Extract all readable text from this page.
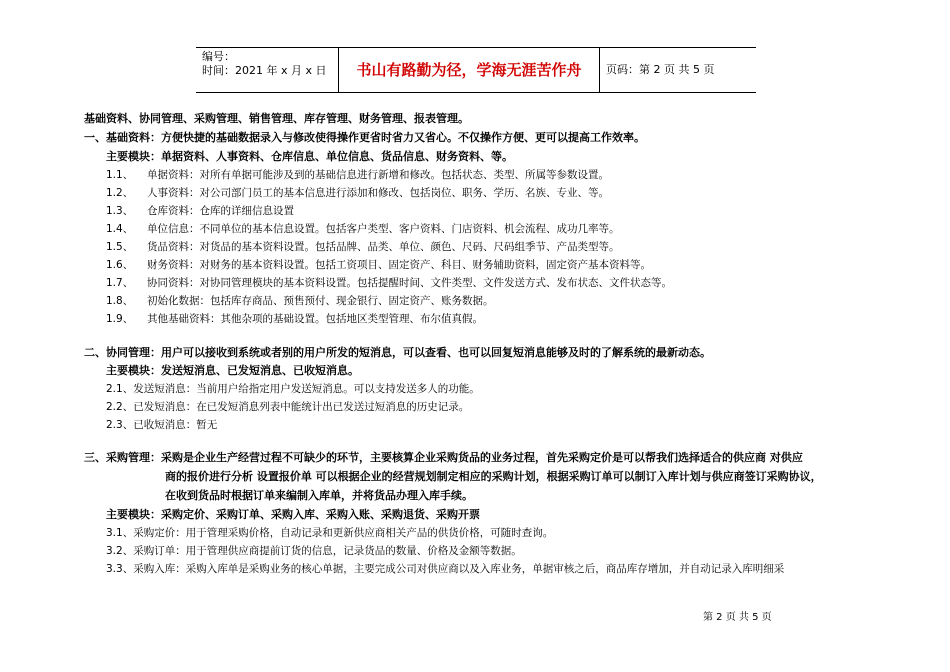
编号：
时间：2021 年 x 月 x 日	书山有路勤为径，学海无涯苦作舟	页码：第 2 页 共 5 页
基础资料、协同管理、采购管理、销售管理、库存管理、财务管理、报表管理。
一、基础资料：方便快捷的基础数据录入与修改使得操作更省时省力又省心。不仅操作方便、更可以提高工作效率。
主要模块：单据资料、人事资料、仓库信息、单位信息、货品信息、财务资料、等。
1.1、 单据资料：对所有单据可能涉及到的基础信息进行新增和修改。包括状态、类型、所属等参数设置。
1.2、 人事资料：对公司部门员工的基本信息进行添加和修改、包括岗位、职务、学历、名族、专业、等。
1.3、 仓库资料：仓库的详细信息设置
1.4、 单位信息：不同单位的基本信息设置。包括客户类型、客户资料、门店资料、机会流程、成功几率等。
1.5、 货品资料：对货品的基本资料设置。包括品牌、品类、单位、颜色、尺码、尺码组季节、产品类型等。
1.6、 财务资料：对财务的基本资料设置。包括工资项目、固定资产、科目、财务辅助资料，固定资产基本资料等。
1.7、 协同资料：对协同管理模块的基本资料设置。包括提醒时间、文件类型、文件发送方式、发布状态、文件状态等。
1.8、 初始化数据：包括库存商品、预售预付、现金银行、固定资产、账务数据。
1.9、 其他基础资料：其他杂项的基础设置。包括地区类型管理、布尔值真假。
二、协同管理：用户可以接收到系统或者别的用户所发的短消息，可以查看、也可以回复短消息能够及时的了解系统的最新动态。
主要模块：发送短消息、已发短消息、已收短消息。
2.1、发送短消息：当前用户给指定用户发送短消息。可以支持发送多人的功能。
2.2、已发短消息：在已发短消息列表中能统计出已发送过短消息的历史记录。
2.3、已收短消息：暂无
三、采购管理：采购是企业生产经营过程不可缺少的环节，主要核算企业采购货品的业务过程，首先采购定价是可以帮我们选择适合的供应商 对供应
商的报价进行分析 设置报价单 可以根据企业的经营规划制定相应的采购计划，根据采购订单可以制订入库计划与供应商签订采购协议，
在收到货品时根据订单来编制入库单，并将货品办理入库手续。
主要模块：采购定价、采购订单、采购入库、采购入账、采购退货、采购开票
3.1、采购定价：用于管理采购价格，自动记录和更新供应商相关产品的供货价格，可随时查询。
3.2、采购订单：用于管理供应商提前订货的信息，记录货品的数量、价格及金额等数据。
3.3、采购入库：采购入库单是采购业务的核心单据，主要完成公司对供应商以及入库业务，单据审核之后，商品库存增加，并自动记录入库明细采
第 2 页 共 5 页
